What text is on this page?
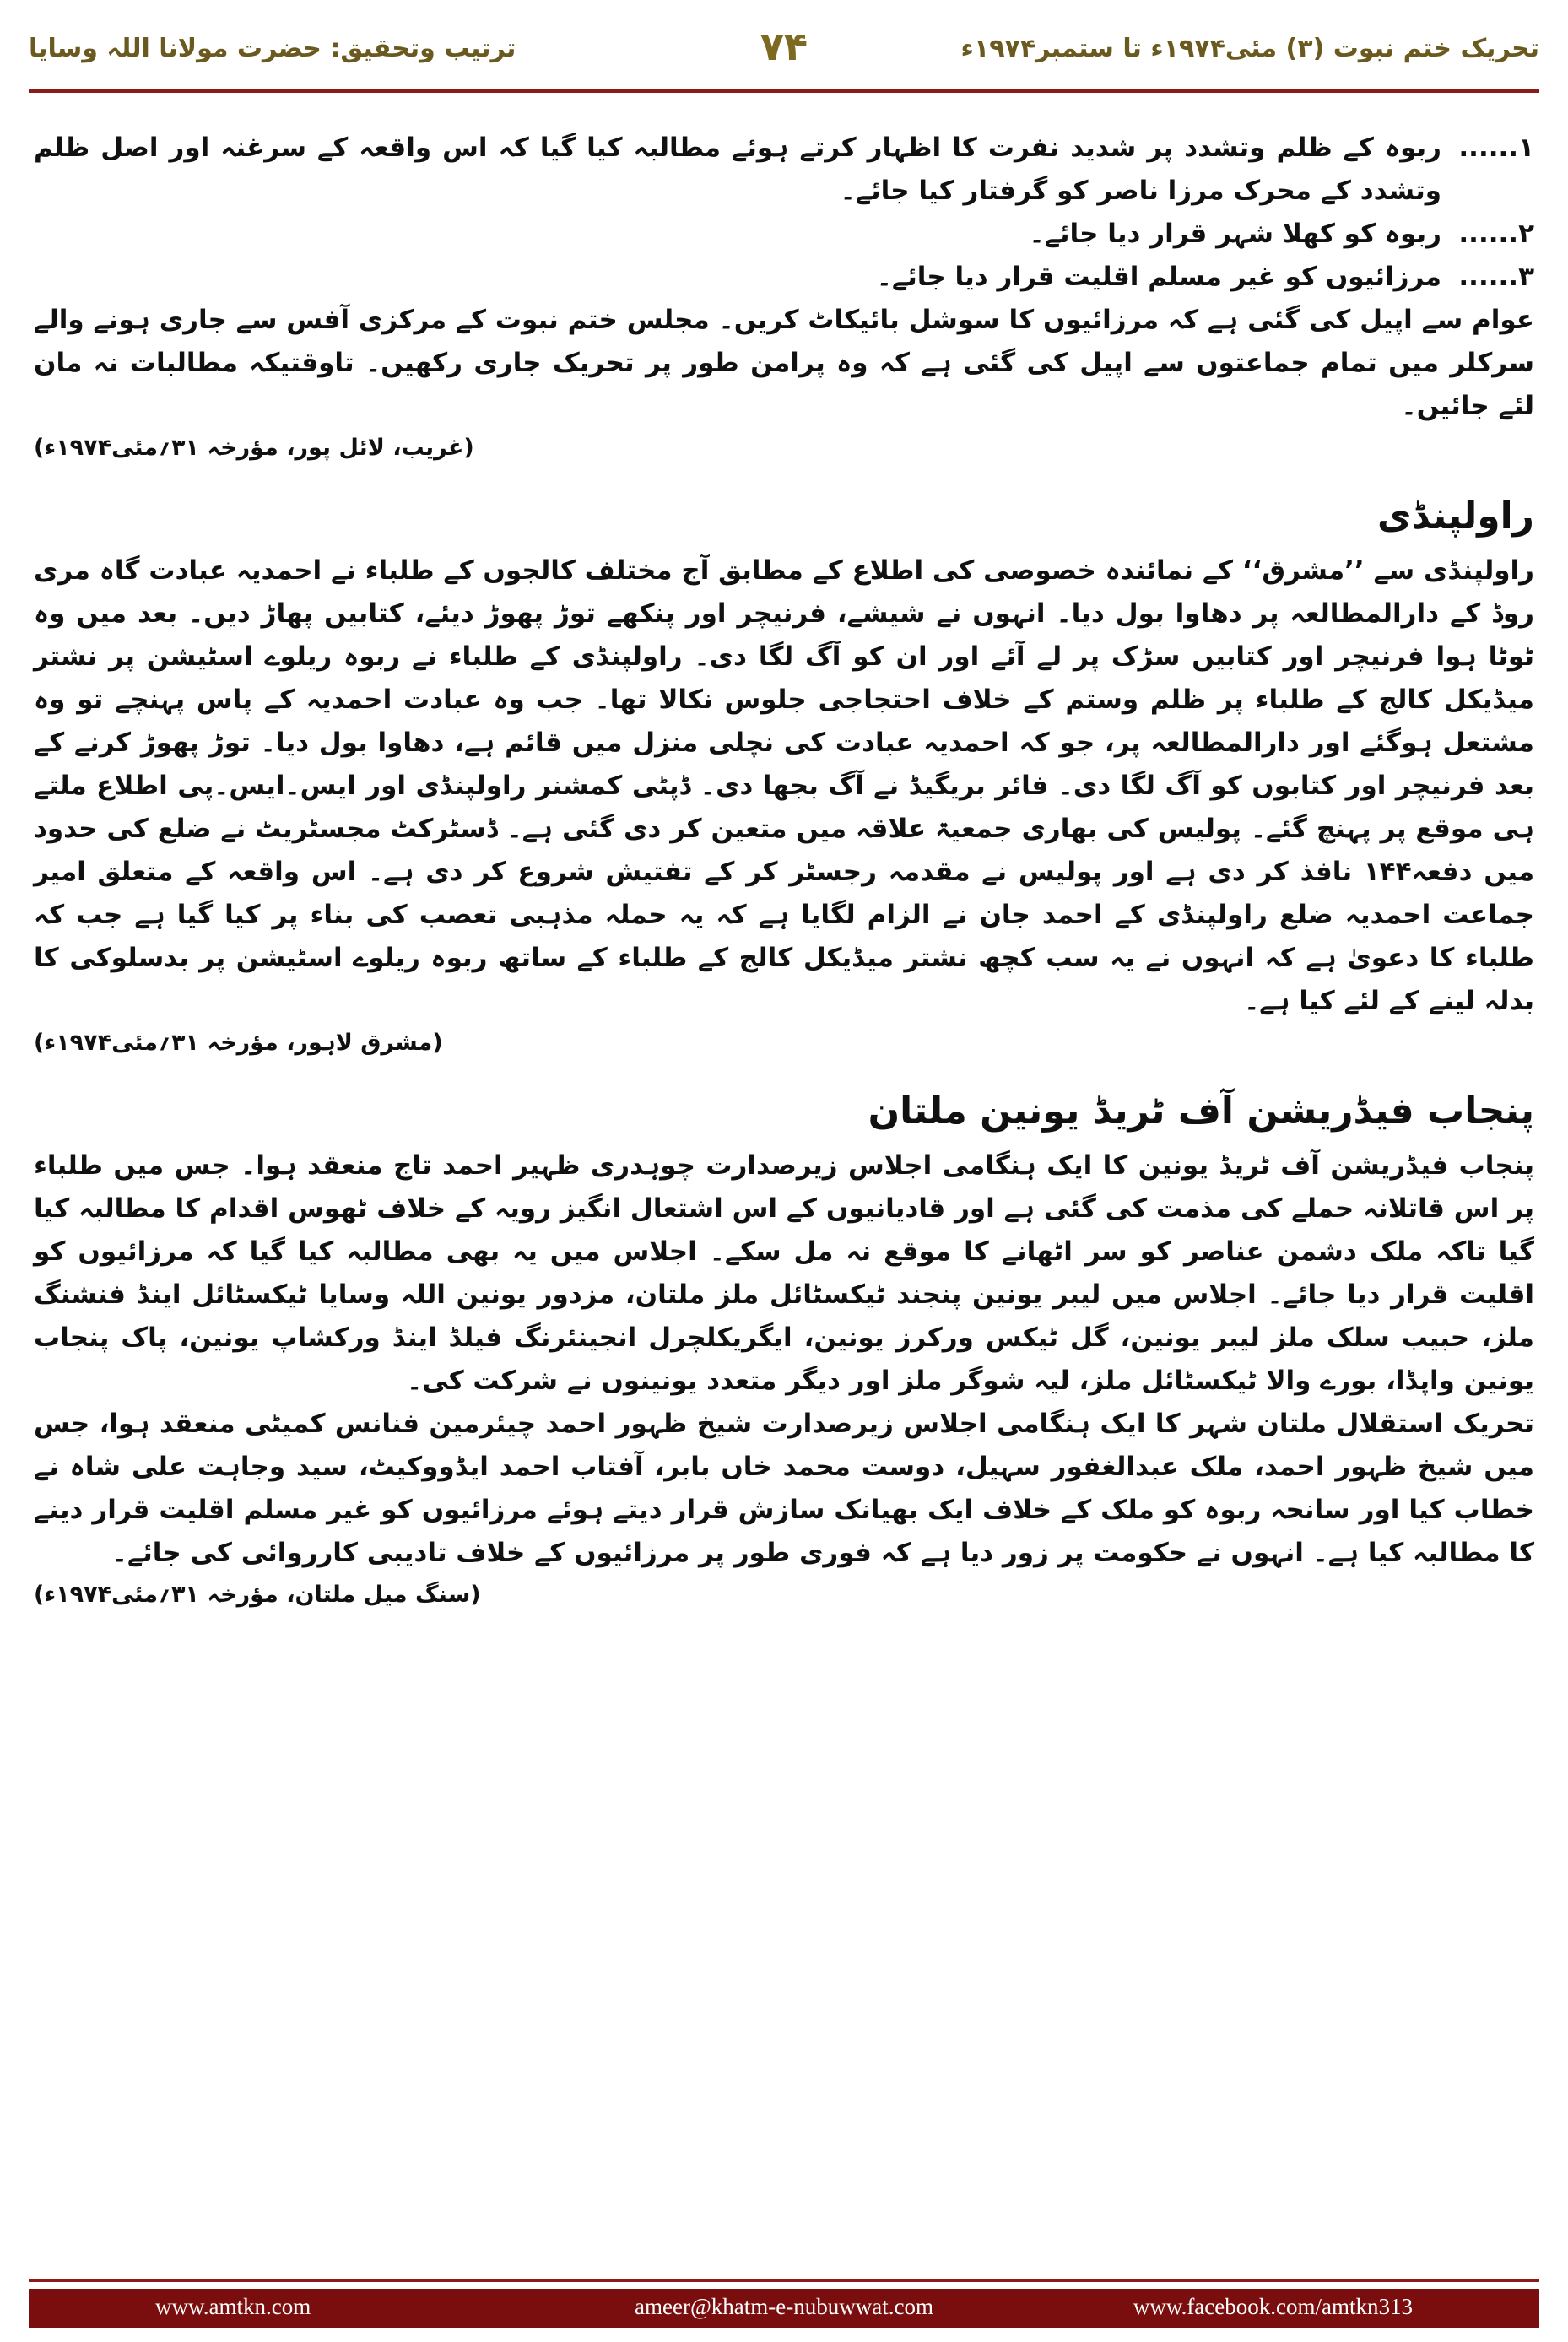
تحریک ختم نبوت (۳) مئی۱۹۷۴ء تا ستمبر۱۹۷۴ء
۷۴
ترتیب وتحقیق: حضرت مولانا اللہ وسایا
۱......
ربوہ کے ظلم وتشدد پر شدید نفرت کا اظہار کرتے ہوئے مطالبہ کیا گیا کہ اس واقعہ کے سرغنہ اور اصل ظلم وتشدد کے محرک مرزا ناصر کو گرفتار کیا جائے۔
۲......
ربوہ کو کھلا شہر قرار دیا جائے۔
۳......
مرزائیوں کو غیر مسلم اقلیت قرار دیا جائے۔

عوام سے اپیل کی گئی ہے کہ مرزائیوں کا سوشل بائیکاٹ کریں۔ مجلس ختم نبوت کے مرکزی آفس سے جاری ہونے والے سرکلر میں تمام جماعتوں سے اپیل کی گئی ہے کہ وہ پرامن طور پر تحریک جاری رکھیں۔ تاوقتیکہ مطالبات نہ مان لئے جائیں۔

(غریب، لائل پور، مؤرخہ ۳۱؍مئی۱۹۷۴ء)
راولپنڈی

راولپنڈی سے ’’مشرق‘‘ کے نمائندہ خصوصی کی اطلاع کے مطابق آج مختلف کالجوں کے طلباء نے احمدیہ عبادت گاہ مری روڈ کے دارالمطالعہ پر دھاوا بول دیا۔ انہوں نے شیشے، فرنیچر اور پنکھے توڑ پھوڑ دیئے، کتابیں پھاڑ دیں۔ بعد میں وہ ٹوٹا ہوا فرنیچر اور کتابیں سڑک پر لے آئے اور ان کو آگ لگا دی۔ راولپنڈی کے طلباء نے ربوہ ریلوے اسٹیشن پر نشتر میڈیکل کالج کے طلباء پر ظلم وستم کے خلاف احتجاجی جلوس نکالا تھا۔ جب وہ عبادت احمدیہ کے پاس پہنچے تو وہ مشتعل ہوگئے اور دارالمطالعہ پر، جو کہ احمدیہ عبادت کی نچلی منزل میں قائم ہے، دھاوا بول دیا۔ توڑ پھوڑ کرنے کے بعد فرنیچر اور کتابوں کو آگ لگا دی۔ فائر بریگیڈ نے آگ بجھا دی۔ ڈپٹی کمشنر راولپنڈی اور ایس۔ایس۔پی اطلاع ملتے ہی موقع پر پہنچ گئے۔ پولیس کی بھاری جمعیۃ علاقہ میں متعین کر دی گئی ہے۔ ڈسٹرکٹ مجسٹریٹ نے ضلع کی حدود میں دفعہ۱۴۴ نافذ کر دی ہے اور پولیس نے مقدمہ رجسٹر کر کے تفتیش شروع کر دی ہے۔ اس واقعہ کے متعلق امیر جماعت احمدیہ ضلع راولپنڈی کے احمد جان نے الزام لگایا ہے کہ یہ حملہ مذہبی تعصب کی بناء پر کیا گیا ہے جب کہ طلباء کا دعویٰ ہے کہ انہوں نے یہ سب کچھ نشتر میڈیکل کالج کے طلباء کے ساتھ ربوہ ریلوے اسٹیشن پر بدسلوکی کا بدلہ لینے کے لئے کیا ہے۔

(مشرق لاہور، مؤرخہ ۳۱؍مئی۱۹۷۴ء)
پنجاب فیڈریشن آف ٹریڈ یونین ملتان

پنجاب فیڈریشن آف ٹریڈ یونین کا ایک ہنگامی اجلاس زیرصدارت چوہدری ظہیر احمد تاج منعقد ہوا۔ جس میں طلباء پر اس قاتلانہ حملے کی مذمت کی گئی ہے اور قادیانیوں کے اس اشتعال انگیز رویہ کے خلاف ٹھوس اقدام کا مطالبہ کیا گیا تاکہ ملک دشمن عناصر کو سر اٹھانے کا موقع نہ مل سکے۔ اجلاس میں یہ بھی مطالبہ کیا گیا کہ مرزائیوں کو اقلیت قرار دیا جائے۔ اجلاس میں لیبر یونین پنجند ٹیکسٹائل ملز ملتان، مزدور یونین اللہ وسایا ٹیکسٹائل اینڈ فنشنگ ملز، حبیب سلک ملز لیبر یونین، گل ٹیکس ورکرز یونین، ایگریکلچرل انجینئرنگ فیلڈ اینڈ ورکشاپ یونین، پاک پنجاب یونین واپڈا، بورے والا ٹیکسٹائل ملز، لیہ شوگر ملز اور دیگر متعدد یونینوں نے شرکت کی۔

تحریک استقلال ملتان شہر کا ایک ہنگامی اجلاس زیرصدارت شیخ ظہور احمد چیئرمین فنانس کمیٹی منعقد ہوا، جس میں شیخ ظہور احمد، ملک عبدالغفور سہیل، دوست محمد خاں بابر، آفتاب احمد ایڈووکیٹ، سید وجاہت علی شاہ نے خطاب کیا اور سانحہ ربوہ کو ملک کے خلاف ایک بھیانک سازش قرار دیتے ہوئے مرزائیوں کو غیر مسلم اقلیت قرار دینے کا مطالبہ کیا ہے۔ انہوں نے حکومت پر زور دیا ہے کہ فوری طور پر مرزائیوں کے خلاف تادیبی کارروائی کی جائے۔

(سنگ میل ملتان، مؤرخہ ۳۱؍مئی۱۹۷۴ء)
www.amtkn.com	ameer@khatm-e-nubuwwat.com	www.facebook.com/amtkn313
